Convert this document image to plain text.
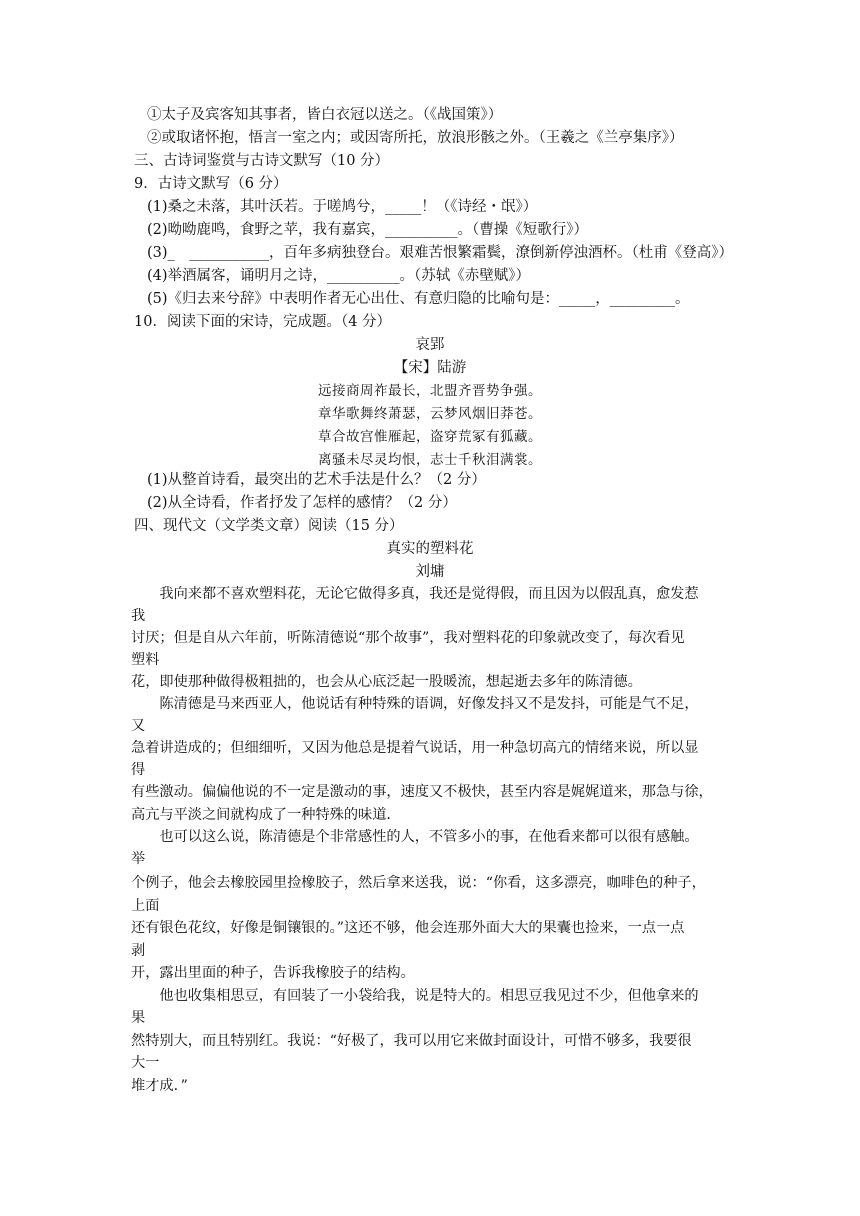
①太子及宾客知其事者，皆白衣冠以送之。（《战国策》）
②或取诸怀抱，悟言一室之内；或因寄所托，放浪形骸之外。（王羲之《兰亭集序》）
三、古诗词鉴赏与古诗文默写（10 分）
9．古诗文默写（6 分）
(1)桑之未落，其叶沃若。于嗟鸠兮，_____！（《诗经・氓》）
(2)呦呦鹿鸣，食野之苹，我有嘉宾，__________。（曹操《短歌行》）
(3)_　___________，百年多病独登台。艰难苦恨繁霜鬓，潦倒新停浊酒杯。（杜甫《登高》）
(4)举酒属客，诵明月之诗，__________。（苏轼《赤壁赋》）
(5)《归去来兮辞》中表明作者无心出仕、有意归隐的比喻句是：_____，_________。
10．阅读下面的宋诗，完成题。（4 分）
哀郢
【宋】陆游
远接商周祚最长，北盟齐晋势争强。
章华歌舞终萧瑟，云梦风烟旧莽苍。
草合故宫惟雁起，盗穿荒冢有狐藏。
离骚未尽灵均恨，志士千秋泪满裳。
(1)从整首诗看，最突出的艺术手法是什么？（2 分）
(2)从全诗看，作者抒发了怎样的感情？（2 分）
四、现代文（文学类文章）阅读（15 分）
真实的塑料花
刘墉
　　我向来都不喜欢塑料花，无论它做得多真，我还是觉得假，而且因为以假乱真，愈发惹
我
讨厌；但是自从六年前，听陈清德说“那个故事”，我对塑料花的印象就改变了，每次看见
塑料
花，即使那种做得极粗拙的，也会从心底泛起一股暖流，想起逝去多年的陈清德。
　　陈清德是马来西亚人，他说话有种特殊的语调，好像发抖又不是发抖，可能是气不足，
又
急着讲造成的；但细细听，又因为他总是提着气说话，用一种急切高亢的情绪来说，所以显
得
有些激动。偏偏他说的不一定是激动的事，速度又不极快，甚至内容是娓娓道来，那急与徐，
高亢与平淡之间就构成了一种特殊的味道．
　　也可以这么说，陈清德是个非常感性的人，不管多小的事，在他看来都可以很有感触。
举
个例子，他会去橡胶园里捡橡胶子，然后拿来送我，说：“你看，这多漂亮，咖啡色的种子，
上面
还有银色花纹，好像是铜镶银的。”这还不够，他会连那外面大大的果囊也捡来，一点一点
剥
开，露出里面的种子，告诉我橡胶子的结构。
　　他也收集相思豆，有回装了一小袋给我，说是特大的。相思豆我见过不少，但他拿来的
果
然特别大，而且特别红。我说：“好极了，我可以用它来做封面设计，可惜不够多，我要很
大一
堆才成．”
